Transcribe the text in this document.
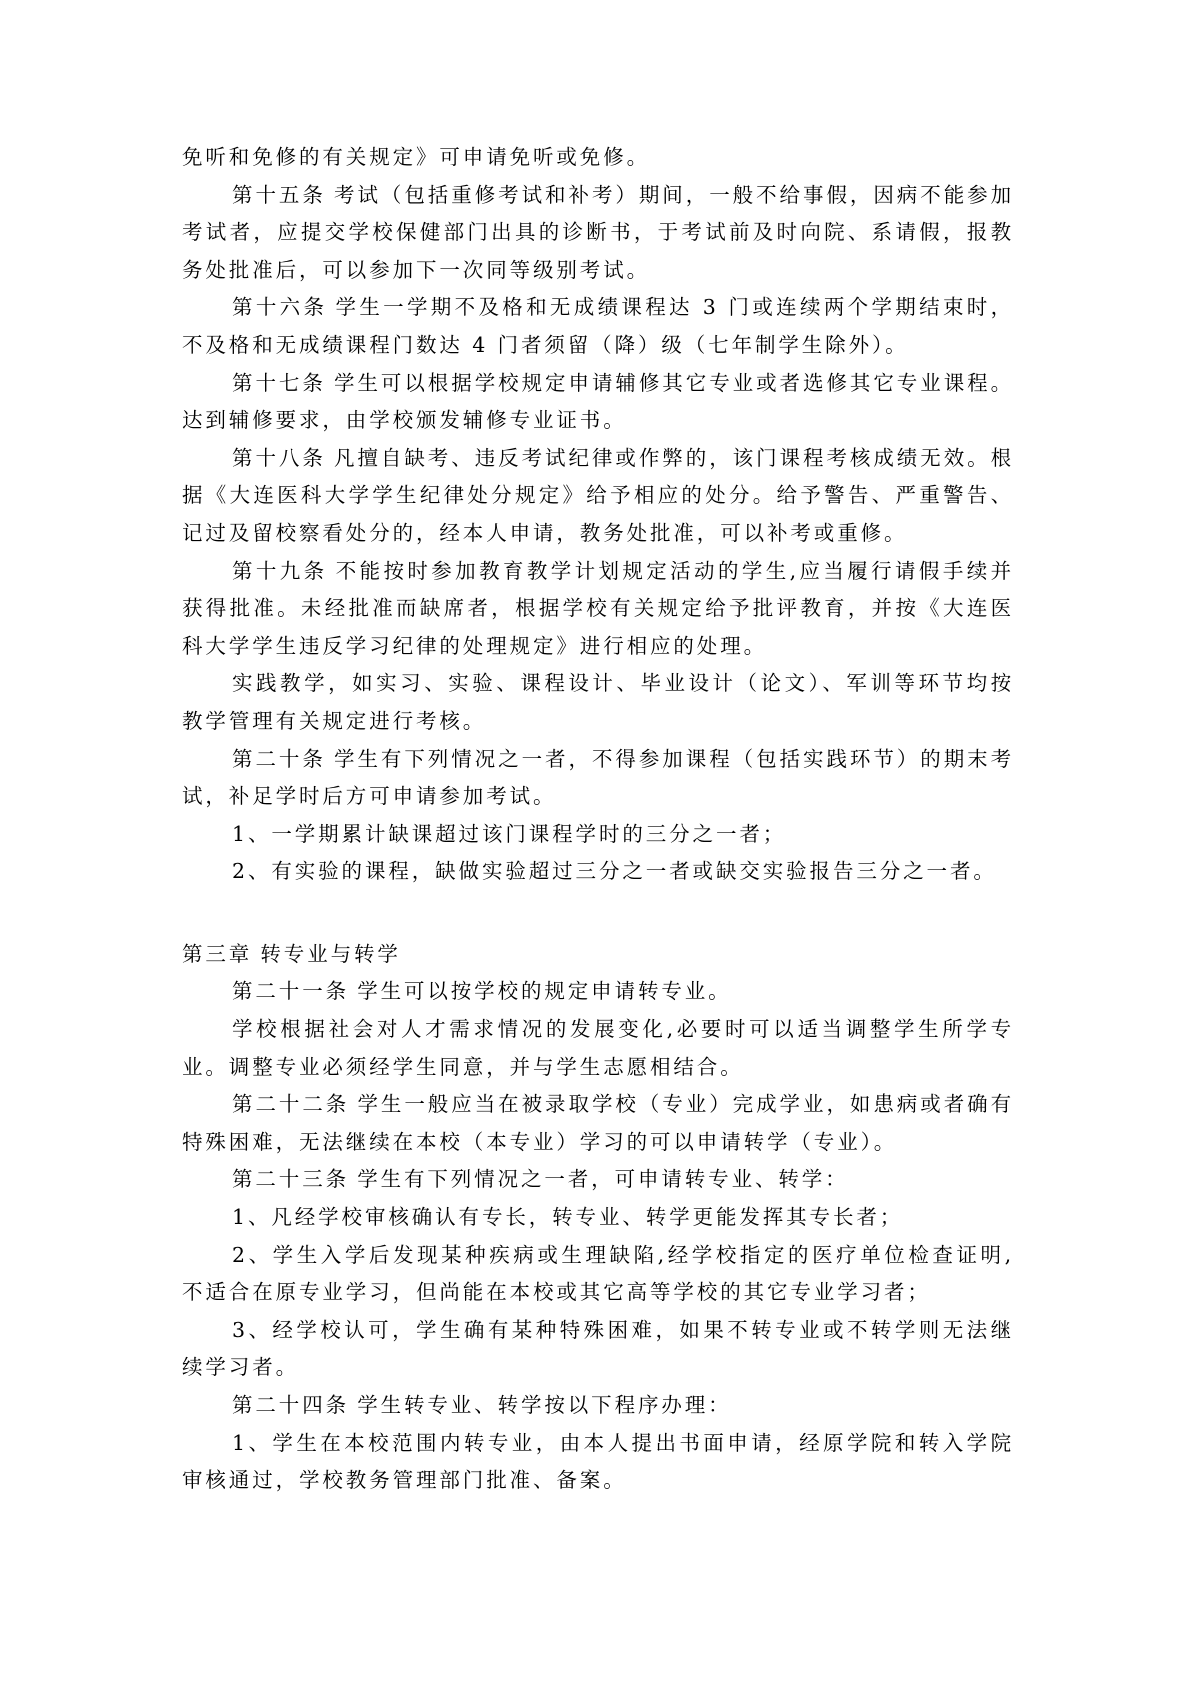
免听和免修的有关规定》可申请免听或免修。

第十五条 考试（包括重修考试和补考）期间，一般不给事假，因病不能参加考试者，应提交学校保健部门出具的诊断书，于考试前及时向院、系请假，报教务处批准后，可以参加下一次同等级别考试。

第十六条 学生一学期不及格和无成绩课程达 3 门或连续两个学期结束时，不及格和无成绩课程门数达 4 门者须留（降）级（七年制学生除外）。

第十七条 学生可以根据学校规定申请辅修其它专业或者选修其它专业课程。达到辅修要求，由学校颁发辅修专业证书。

第十八条 凡擅自缺考、违反考试纪律或作弊的，该门课程考核成绩无效。根据《大连医科大学学生纪律处分规定》给予相应的处分。给予警告、严重警告、记过及留校察看处分的，经本人申请，教务处批准，可以补考或重修。

第十九条 不能按时参加教育教学计划规定活动的学生,应当履行请假手续并获得批准。未经批准而缺席者，根据学校有关规定给予批评教育，并按《大连医科大学学生违反学习纪律的处理规定》进行相应的处理。

实践教学，如实习、实验、课程设计、毕业设计（论文）、军训等环节均按教学管理有关规定进行考核。

第二十条 学生有下列情况之一者，不得参加课程（包括实践环节）的期末考试，补足学时后方可申请参加考试。

1、一学期累计缺课超过该门课程学时的三分之一者；

2、有实验的课程，缺做实验超过三分之一者或缺交实验报告三分之一者。

第三章 转专业与转学

第二十一条 学生可以按学校的规定申请转专业。

学校根据社会对人才需求情况的发展变化,必要时可以适当调整学生所学专业。调整专业必须经学生同意，并与学生志愿相结合。

第二十二条 学生一般应当在被录取学校（专业）完成学业，如患病或者确有特殊困难，无法继续在本校（本专业）学习的可以申请转学（专业）。

第二十三条 学生有下列情况之一者，可申请转专业、转学：

1、凡经学校审核确认有专长，转专业、转学更能发挥其专长者；

2、学生入学后发现某种疾病或生理缺陷,经学校指定的医疗单位检查证明,不适合在原专业学习，但尚能在本校或其它高等学校的其它专业学习者；

3、经学校认可，学生确有某种特殊困难，如果不转专业或不转学则无法继续学习者。

第二十四条 学生转专业、转学按以下程序办理：

1、学生在本校范围内转专业，由本人提出书面申请，经原学院和转入学院审核通过，学校教务管理部门批准、备案。
